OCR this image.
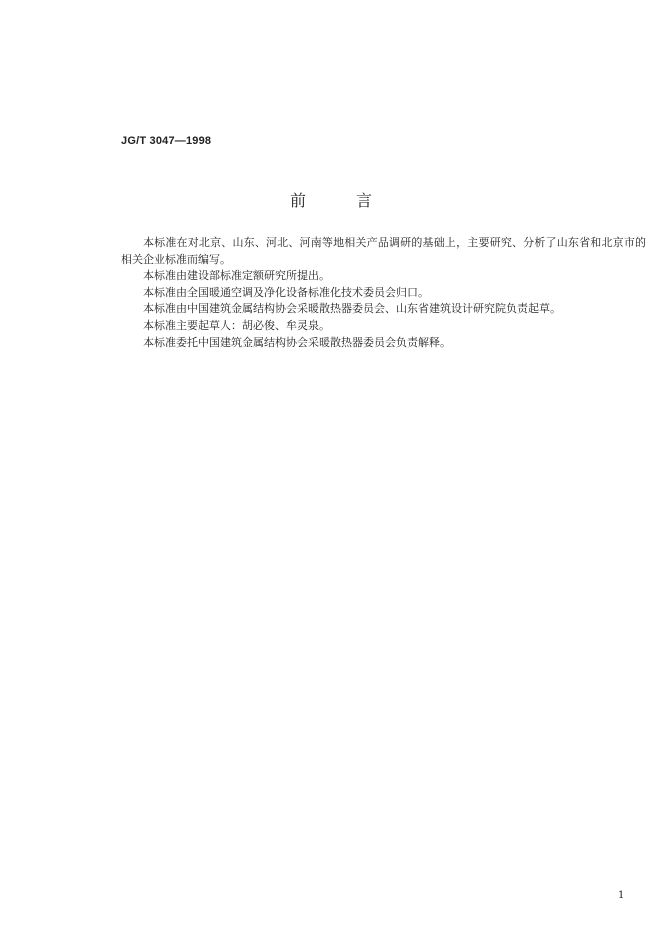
JG/T 3047—1998
前言

本标准在对北京、山东、河北、河南等地相关产品调研的基础上，主要研究、分析了山东省和北京市的相关企业标准而编写。

本标准由建设部标准定额研究所提出。

本标准由全国暖通空调及净化设备标准化技术委员会归口。

本标准由中国建筑金属结构协会采暖散热器委员会、山东省建筑设计研究院负责起草。

本标准主要起草人：胡必俊、牟灵泉。

本标准委托中国建筑金属结构协会采暖散热器委员会负责解释。

1
